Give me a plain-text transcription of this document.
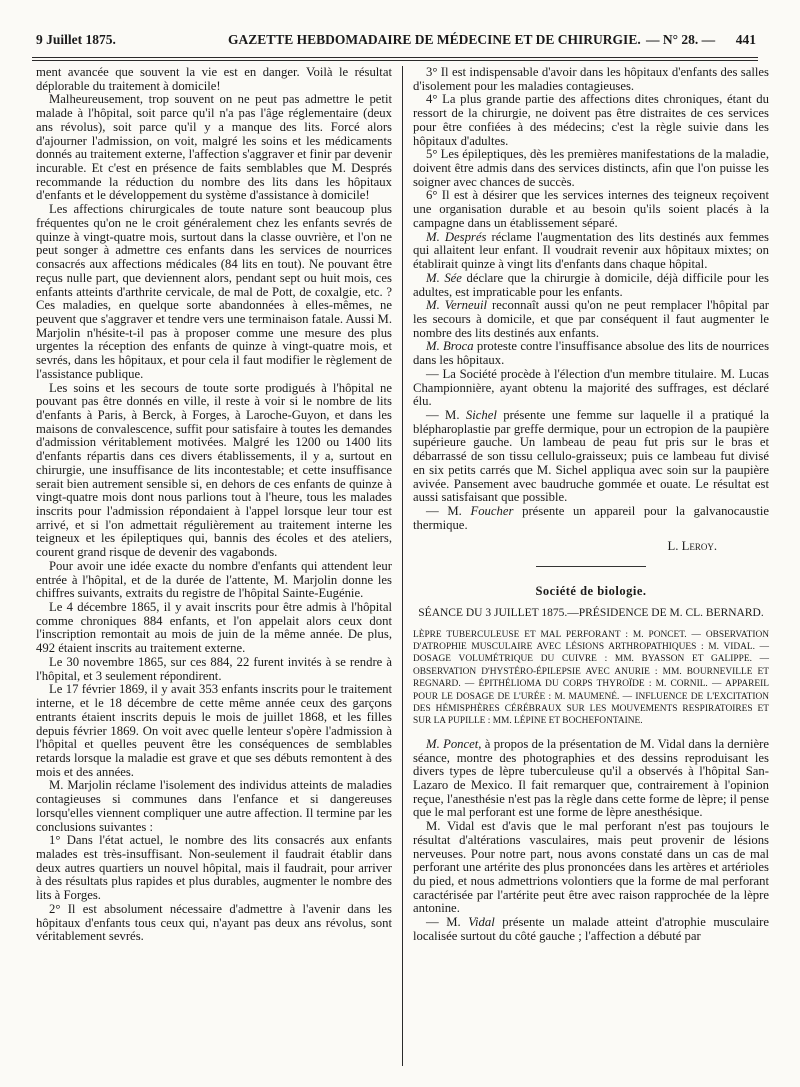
9 Juillet 1875.	GAZETTE HEBDOMADAIRE DE MÉDECINE ET DE CHIRURGIE. — N° 28. — 441

ment avancée que souvent la vie est en danger. Voilà le résultat déplorable du traitement à domicile!

Malheureusement, trop souvent on ne peut pas admettre le petit malade à l'hôpital, soit parce qu'il n'a pas l'âge réglementaire (deux ans révolus), soit parce qu'il y a manque des lits. Forcé alors d'ajourner l'admission, on voit, malgré les soins et les médicaments donnés au traitement externe, l'affection s'aggraver et finir par devenir incurable. Et c'est en présence de faits semblables que M. Després recommande la réduction du nombre des lits dans les hôpitaux d'enfants et le développement du système d'assistance à domicile!

Les affections chirurgicales de toute nature sont beaucoup plus fréquentes qu'on ne le croit généralement chez les enfants sevrés de quinze à vingt-quatre mois, surtout dans la classe ouvrière, et l'on ne peut songer à admettre ces enfants dans les services de nourrices consacrés aux affections médicales (84 lits en tout). Ne pouvant être reçus nulle part, que deviennent alors, pendant sept ou huit mois, ces enfants atteints d'arthrite cervicale, de mal de Pott, de coxalgie, etc. ? Ces maladies, en quelque sorte abandonnées à elles-mêmes, ne peuvent que s'aggraver et tendre vers une terminaison fatale. Aussi M. Marjolin n'hésite-t-il pas à proposer comme une mesure des plus urgentes la réception des enfants de quinze à vingt-quatre mois, et sevrés, dans les hôpitaux, et pour cela il faut modifier le règlement de l'assistance publique.

Les soins et les secours de toute sorte prodigués à l'hôpital ne pouvant pas être donnés en ville, il reste à voir si le nombre de lits d'enfants à Paris, à Berck, à Forges, à Laroche-Guyon, et dans les maisons de convalescence, suffit pour satisfaire à toutes les demandes d'admission véritablement motivées. Malgré les 1200 ou 1400 lits d'enfants répartis dans ces divers établissements, il y a, surtout en chirurgie, une insuffisance de lits incontestable; et cette insuffisance serait bien autrement sensible si, en dehors de ces enfants de quinze à vingt-quatre mois dont nous parlions tout à l'heure, tous les malades inscrits pour l'admission répondaient à l'appel lorsque leur tour est arrivé, et si l'on admettait régulièrement au traitement interne les teigneux et les épileptiques qui, bannis des écoles et des ateliers, courent grand risque de devenir des vagabonds.

Pour avoir une idée exacte du nombre d'enfants qui attendent leur entrée à l'hôpital, et de la durée de l'attente, M. Marjolin donne les chiffres suivants, extraits du registre de l'hôpital Sainte-Eugénie.

Le 4 décembre 1865, il y avait inscrits pour être admis à l'hôpital comme chroniques 884 enfants, et l'on appelait alors ceux dont l'inscription remontait au mois de juin de la même année. De plus, 492 étaient inscrits au traitement externe.

Le 30 novembre 1865, sur ces 884, 22 furent invités à se rendre à l'hôpital, et 3 seulement répondirent.

Le 17 février 1869, il y avait 353 enfants inscrits pour le traitement interne, et le 18 décembre de cette même année ceux des garçons entrants étaient inscrits depuis le mois de juillet 1868, et les filles depuis février 1869. On voit avec quelle lenteur s'opère l'admission à l'hôpital et quelles peuvent être les conséquences de semblables retards lorsque la maladie est grave et que ses débuts remontent à des mois et des années.

M. Marjolin réclame l'isolement des individus atteints de maladies contagieuses si communes dans l'enfance et si dangereuses lorsqu'elles viennent compliquer une autre affection. Il termine par les conclusions suivantes :

1° Dans l'état actuel, le nombre des lits consacrés aux enfants malades est très-insuffisant. Non-seulement il faudrait établir dans deux autres quartiers un nouvel hôpital, mais il faudrait, pour arriver à des résultats plus rapides et plus durables, augmenter le nombre des lits à Forges.

2° Il est absolument nécessaire d'admettre à l'avenir dans les hôpitaux d'enfants tous ceux qui, n'ayant pas deux ans révolus, sont véritablement sevrés.

3° Il est indispensable d'avoir dans les hôpitaux d'enfants des salles d'isolement pour les maladies contagieuses.

4° La plus grande partie des affections dites chroniques, étant du ressort de la chirurgie, ne doivent pas être distraites de ces services pour être confiées à des médecins; c'est la règle suivie dans les hôpitaux d'adultes.

5° Les épileptiques, dès les premières manifestations de la maladie, doivent être admis dans des services distincts, afin que l'on puisse les soigner avec chances de succès.

6° Il est à désirer que les services internes des teigneux reçoivent une organisation durable et au besoin qu'ils soient placés à la campagne dans un établissement séparé.

M. Després réclame l'augmentation des lits destinés aux femmes qui allaitent leur enfant. Il voudrait revenir aux hôpitaux mixtes; on établirait quinze à vingt lits d'enfants dans chaque hôpital.

M. Sée déclare que la chirurgie à domicile, déjà difficile pour les adultes, est impraticable pour les enfants.

M. Verneuil reconnaît aussi qu'on ne peut remplacer l'hôpital par les secours à domicile, et que par conséquent il faut augmenter le nombre des lits destinés aux enfants.

M. Broca proteste contre l'insuffisance absolue des lits de nourrices dans les hôpitaux.

— La Société procède à l'élection d'un membre titulaire. M. Lucas Championnière, ayant obtenu la majorité des suffrages, est déclaré élu.

— M. Sichel présente une femme sur laquelle il a pratiqué la blépharoplastie par greffe dermique, pour un ectropion de la paupière supérieure gauche. Un lambeau de peau fut pris sur le bras et débarrassé de son tissu cellulo-graisseux; puis ce lambeau fut divisé en six petits carrés que M. Sichel appliqua avec soin sur la paupière avivée. Pansement avec baudruche gommée et ouate. Le résultat est aussi satisfaisant que possible.

— M. Foucher présente un appareil pour la galvanocaustie thermique.

L. Leroy.

Société de biologie.

SÉANCE DU 3 JUILLET 1875.—PRÉSIDENCE DE M. CL. BERNARD.

LÈPRE TUBERCULEUSE ET MAL PERFORANT : M. PONCET. — OBSERVATION D'ATROPHIE MUSCULAIRE AVEC LÉSIONS ARTHROPATHIQUES : M. VIDAL. — DOSAGE VOLUMÉTRIQUE DU CUIVRE : MM. BYASSON ET GALIPPE. — OBSERVATION D'HYSTÉRO-ÉPILEPSIE AVEC ANURIE : MM. BOURNEVILLE ET REGNARD. — ÉPITHÉLIOMA DU CORPS THYROÏDE : M. CORNIL. — APPAREIL POUR LE DOSAGE DE L'URÉE : M. MAUMENÉ. — INFLUENCE DE L'EXCITATION DES HÉMISPHÈRES CÉRÉBRAUX SUR LES MOUVEMENTS RESPIRATOIRES ET SUR LA PUPILLE : MM. LÉPINE ET BOCHEFONTAINE.

M. Poncet, à propos de la présentation de M. Vidal dans la dernière séance, montre des photographies et des dessins reproduisant les divers types de lèpre tuberculeuse qu'il a observés à l'hôpital San-Lazaro de Mexico. Il fait remarquer que, contrairement à l'opinion reçue, l'anesthésie n'est pas la règle dans cette forme de lèpre; il pense que le mal perforant est une forme de lèpre anesthésique.

M. Vidal est d'avis que le mal perforant n'est pas toujours le résultat d'altérations vasculaires, mais peut provenir de lésions nerveuses. Pour notre part, nous avons constaté dans un cas de mal perforant une artérite des plus prononcées dans les artères et artérioles du pied, et nous admettrions volontiers que la forme de mal perforant caractérisée par l'artérite peut être avec raison rapprochée de la lèpre antonine.

— M. Vidal présente un malade atteint d'atrophie musculaire localisée surtout du côté gauche ; l'affection a débuté par
